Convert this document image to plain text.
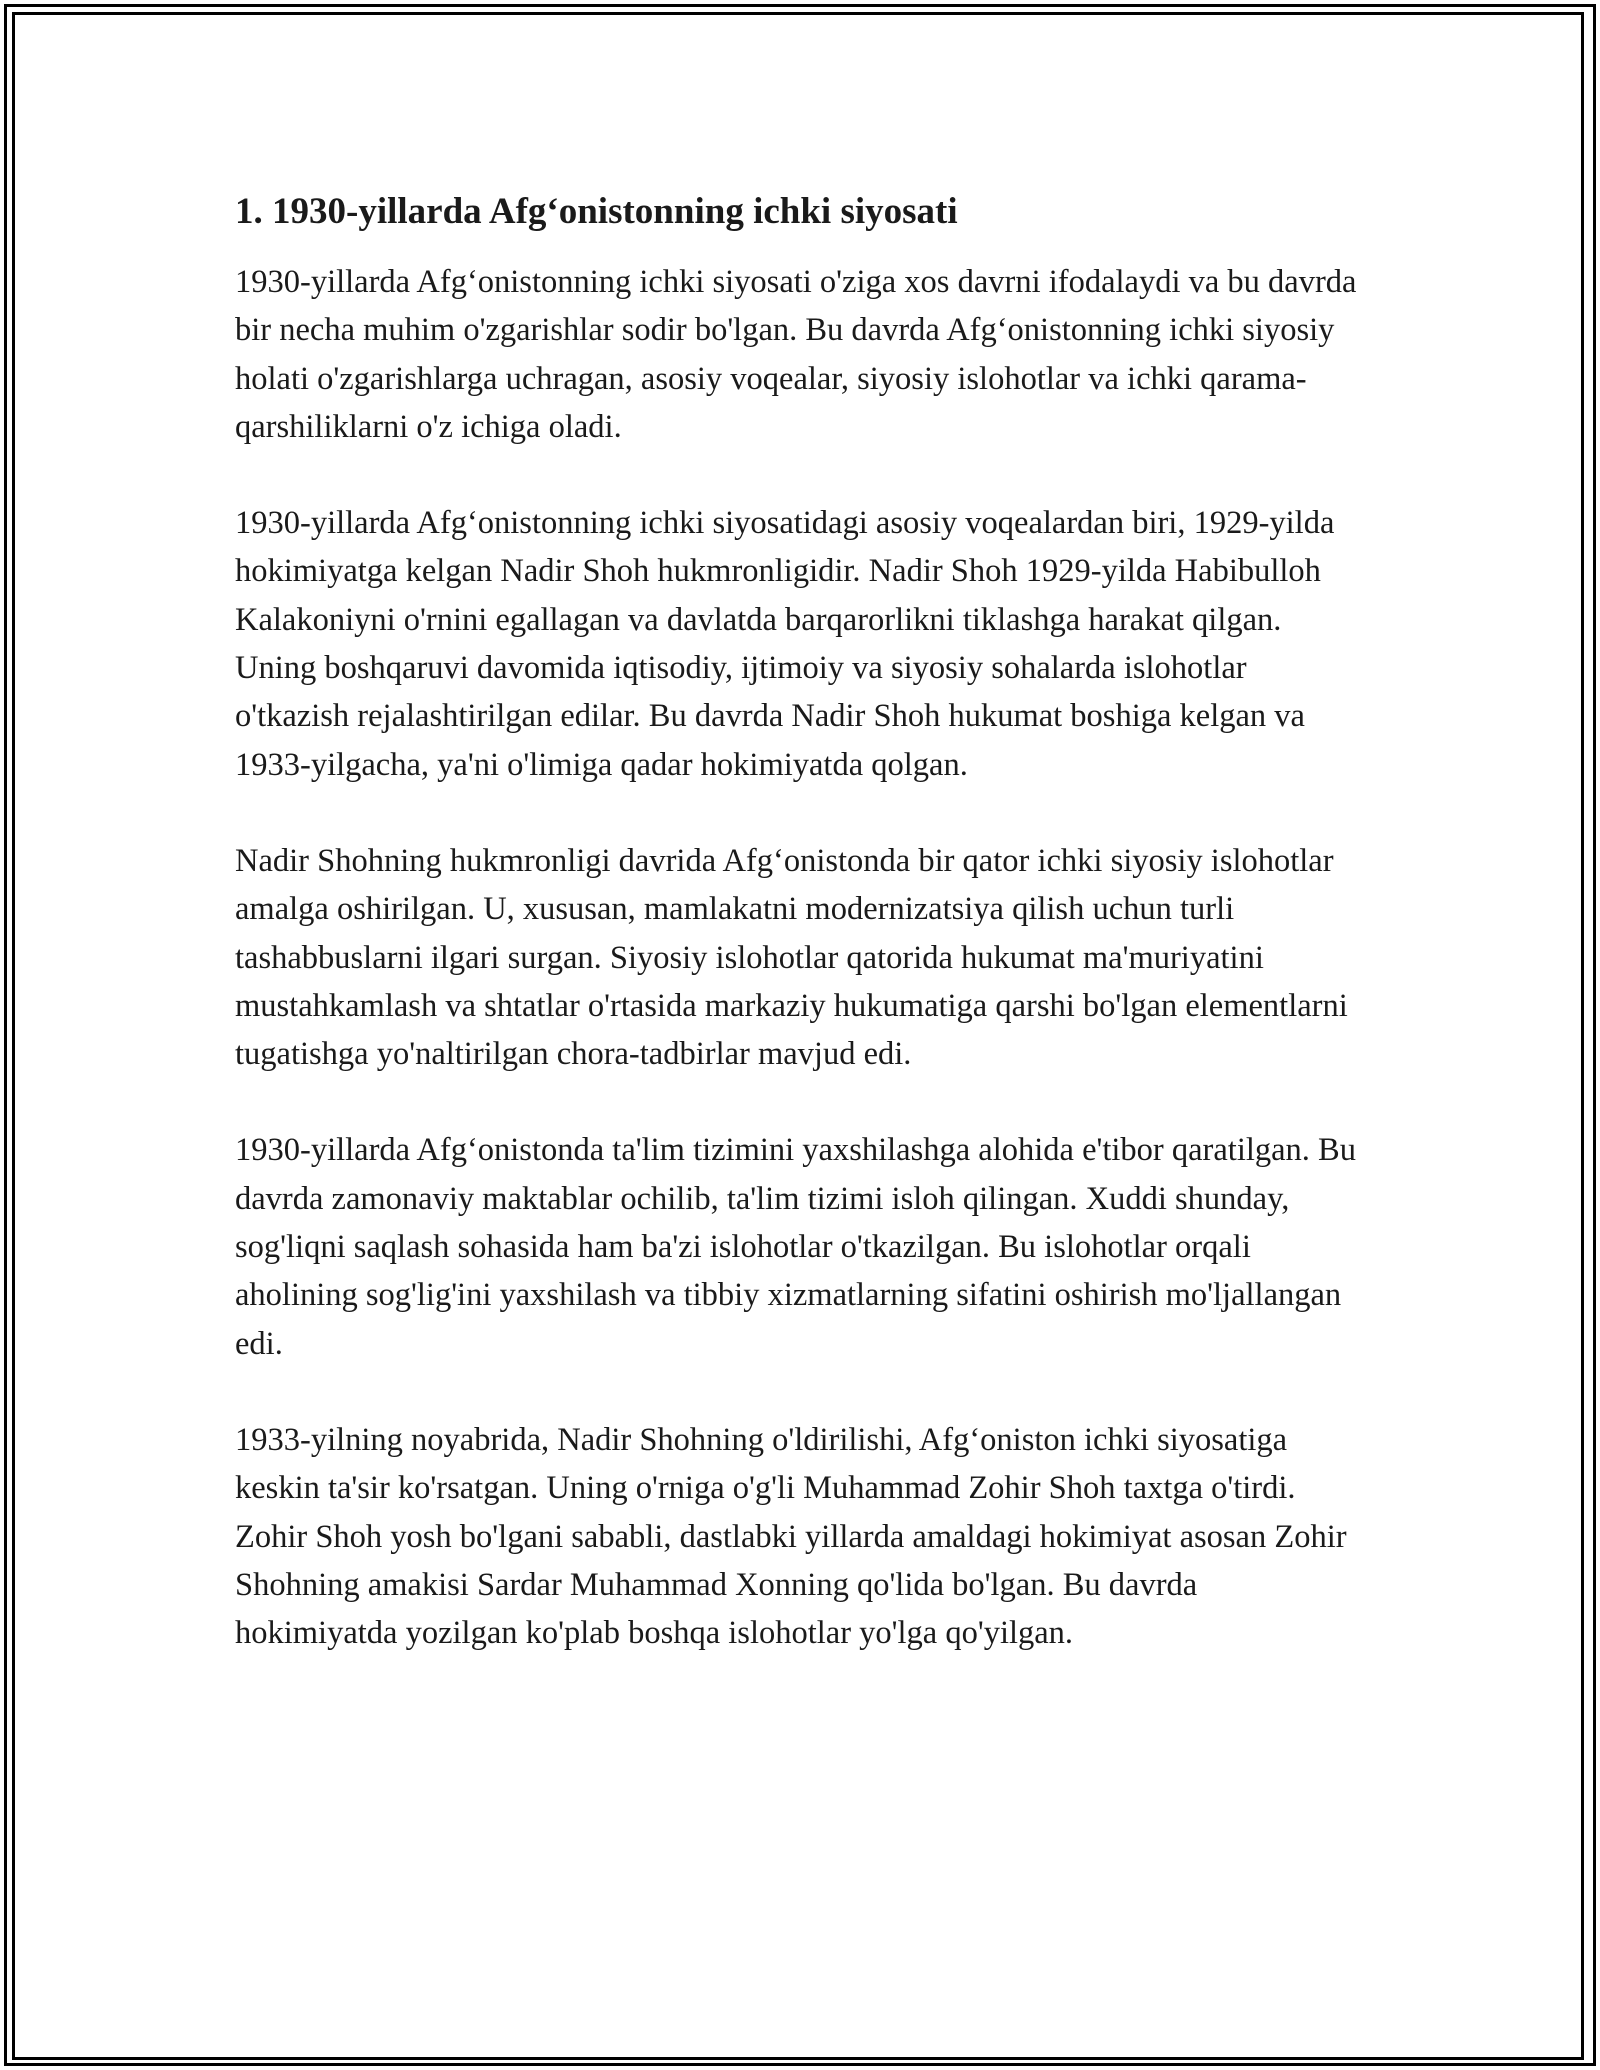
1. 1930-yillarda Afg‘onistonning ichki siyosati

1930-yillarda Afg‘onistonning ichki siyosati o'ziga xos davrni ifodalaydi va bu davrda bir necha muhim o'zgarishlar sodir bo'lgan. Bu davrda Afg‘onistonning ichki siyosiy holati o'zgarishlarga uchragan, asosiy voqealar, siyosiy islohotlar va ichki qarama-qarshiliklarni o'z ichiga oladi.

1930-yillarda Afg‘onistonning ichki siyosatidagi asosiy voqealardan biri, 1929-yilda hokimiyatga kelgan Nadir Shoh hukmronligidir. Nadir Shoh 1929-yilda Habibulloh Kalakoniyni o'rnini egallagan va davlatda barqarorlikni tiklashga harakat qilgan. Uning boshqaruvi davomida iqtisodiy, ijtimoiy va siyosiy sohalarda islohotlar o'tkazish rejalashtirilgan edilar. Bu davrda Nadir Shoh hukumat boshiga kelgan va 1933-yilgacha, ya'ni o'limiga qadar hokimiyatda qolgan.

Nadir Shohning hukmronligi davrida Afg‘onistonda bir qator ichki siyosiy islohotlar amalga oshirilgan. U, xususan, mamlakatni modernizatsiya qilish uchun turli tashabbuslarni ilgari surgan. Siyosiy islohotlar qatorida hukumat ma'muriyatini mustahkamlash va shtatlar o'rtasida markaziy hukumatiga qarshi bo'lgan elementlarni tugatishga yo'naltirilgan chora-tadbirlar mavjud edi.

1930-yillarda Afg‘onistonda ta'lim tizimini yaxshilashga alohida e'tibor qaratilgan. Bu davrda zamonaviy maktablar ochilib, ta'lim tizimi isloh qilingan. Xuddi shunday, sog'liqni saqlash sohasida ham ba'zi islohotlar o'tkazilgan. Bu islohotlar orqali aholining sog'lig'ini yaxshilash va tibbiy xizmatlarning sifatini oshirish mo'ljallangan edi.

1933-yilning noyabrida, Nadir Shohning o'ldirilishi, Afg‘oniston ichki siyosatiga keskin ta'sir ko'rsatgan. Uning o'rniga o'g'li Muhammad Zohir Shoh taxtga o'tirdi. Zohir Shoh yosh bo'lgani sababli, dastlabki yillarda amaldagi hokimiyat asosan Zohir Shohning amakisi Sardar Muhammad Xonning qo'lida bo'lgan. Bu davrda hokimiyatda yozilgan ko'plab boshqa islohotlar yo'lga qo'yilgan.
